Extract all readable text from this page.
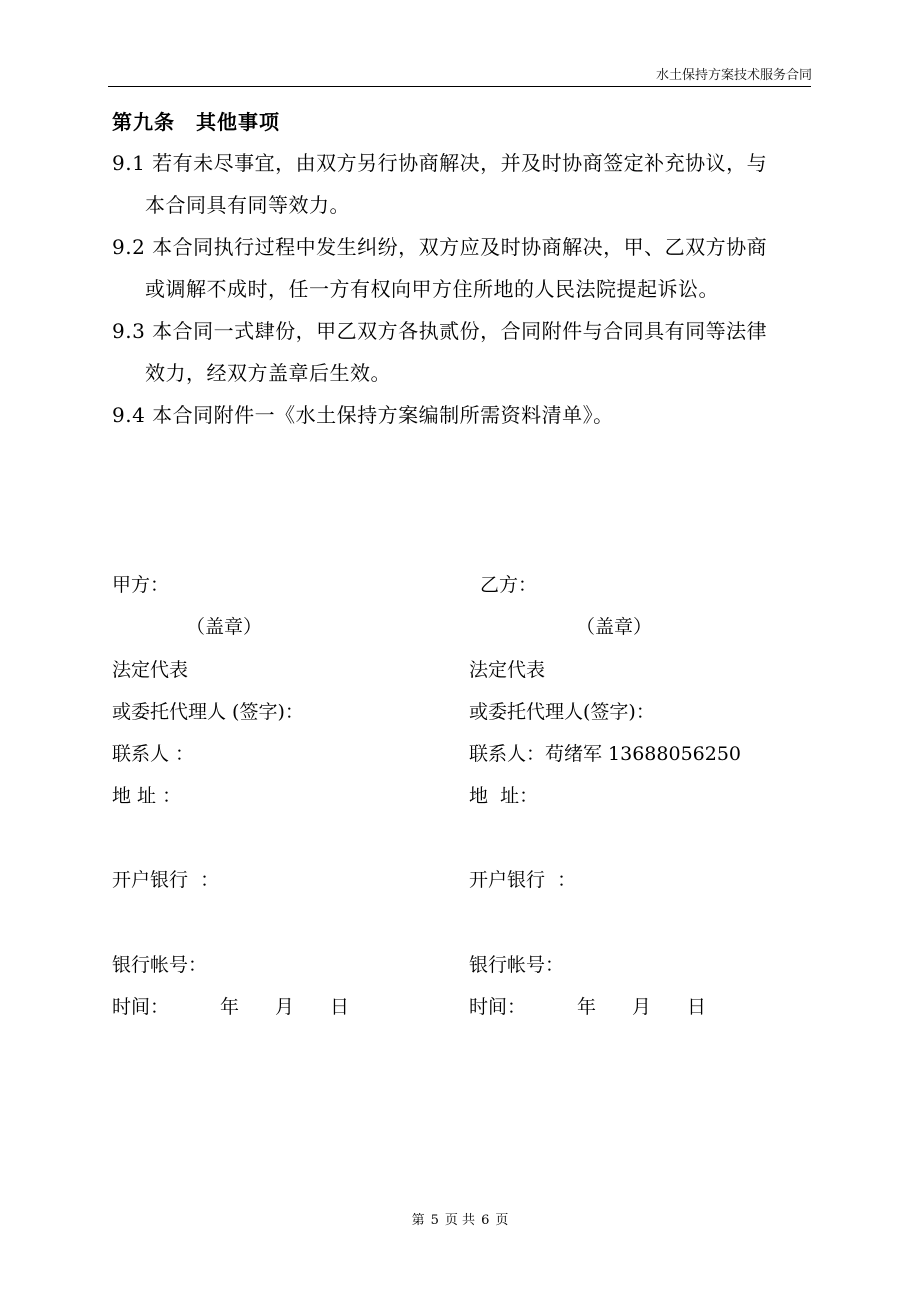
水土保持方案技术服务合同
第九条　其他事项
9.1 若有未尽事宜，由双方另行协商解决，并及时协商签定补充协议，与
本合同具有同等效力。
9.2 本合同执行过程中发生纠纷，双方应及时协商解决，甲、乙双方协商
或调解不成时，任一方有权向甲方住所地的人民法院提起诉讼。
9.3 本合同一式肆份，甲乙双方各执贰份，合同附件与合同具有同等法律
效力，经双方盖章后生效。
9.4 本合同附件一《水土保持方案编制所需资料清单》。
甲方：
（盖章）
法定代表
或委托代理人 (签字)：
联系人 ：
地 址 ：
开户银行  ：
银行帐号：
时间：	年 月 日
乙方：
（盖章）
法定代表
或委托代理人(签字)：
联系人：苟绪军 13688056250
地  址：
开户银行  ：
银行帐号：
时间：	年 月 日
第 5 页 共 6 页
